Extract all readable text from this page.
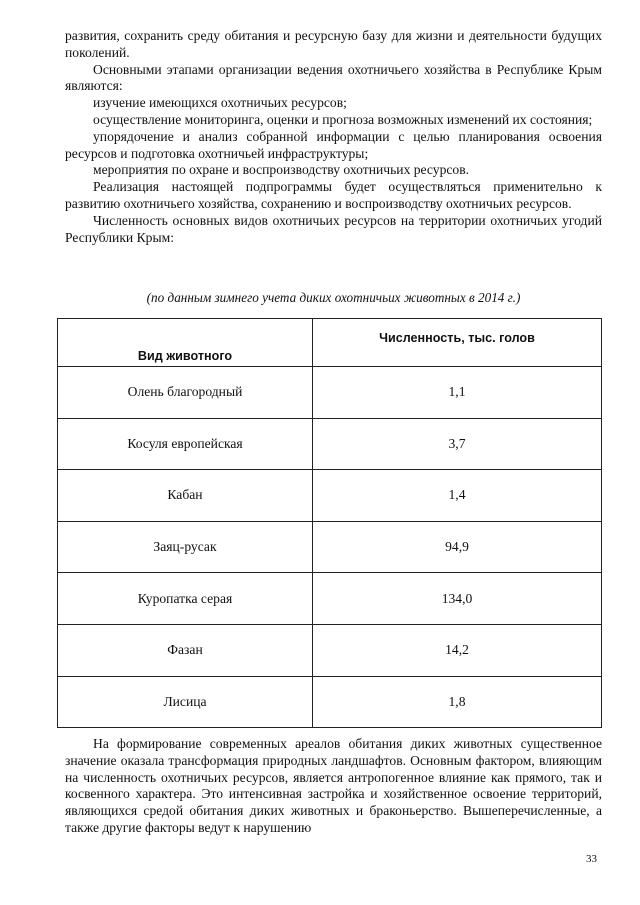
развития, сохранить среду обитания и ресурсную базу для жизни и деятельности будущих поколений.

Основными этапами организации ведения охотничьего хозяйства в Республике Крым являются:

изучение имеющихся охотничьих ресурсов;

осуществление мониторинга, оценки и прогноза возможных изменений их состояния;

упорядочение и анализ собранной информации с целью планирования освоения ресурсов и подготовка охотничьей инфраструктуры;

мероприятия по охране и воспроизводству охотничьих ресурсов.

Реализация настоящей подпрограммы будет осуществляться применительно к развитию охотничьего хозяйства, сохранению и воспроизводству охотничьих ресурсов.

Численность основных видов охотничьих ресурсов на территории охотничьих угодий Республики Крым:

(по данным зимнего учета диких охотничьих животных в 2014 г.)
Вид животного	Численность, тыс. голов
Олень благородный	1,1
Косуля европейская	3,7
Кабан	1,4
Заяц-русак	94,9
Куропатка серая	134,0
Фазан	14,2
Лисица	1,8

На формирование современных ареалов обитания диких животных существенное значение оказала трансформация природных ландшафтов. Основным фактором, влияющим на численность охотничьих ресурсов, является антропогенное влияние как прямого, так и косвенного характера. Это интенсивная застройка и хозяйственное освоение территорий, являющихся средой обитания диких животных и браконьерство. Вышеперечисленные, а также другие факторы ведут к нарушению

33
